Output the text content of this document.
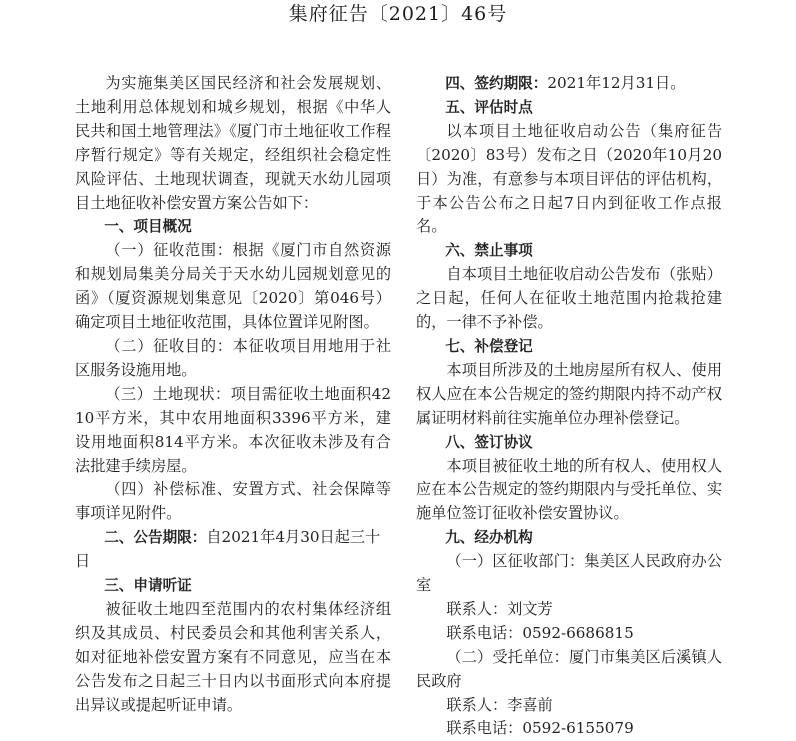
集府征告〔2021〕46号

为实施集美区国民经济和社会发展规划、土地利用总体规划和城乡规划，根据《中华人民共和国土地管理法》《厦门市土地征收工作程序暂行规定》等有关规定，经组织社会稳定性风险评估、土地现状调查，现就天水幼儿园项目土地征收补偿安置方案公告如下：

一、项目概况

（一）征收范围：根据《厦门市自然资源和规划局集美分局关于天水幼儿园规划意见的函》（厦资源规划集意见〔2020〕第046号）确定项目土地征收范围，具体位置详见附图。

（二）征收目的：本征收项目用地用于社区服务设施用地。

（三）土地现状：项目需征收土地面积4210平方米，其中农用地面积3396平方米，建设用地面积814平方米。本次征收未涉及有合法批建手续房屋。

（四）补偿标准、安置方式、社会保障等事项详见附件。

二、公告期限：自2021年4月30日起三十日

三、申请听证

被征收土地四至范围内的农村集体经济组织及其成员、村民委员会和其他利害关系人，如对征地补偿安置方案有不同意见，应当在本公告发布之日起三十日内以书面形式向本府提出异议或提起听证申请。

四、签约期限：2021年12月31日。

五、评估时点

以本项目土地征收启动公告（集府征告〔2020〕83号）发布之日（2020年10月20日）为准，有意参与本项目评估的评估机构，于本公告公布之日起7日内到征收工作点报名。

六、禁止事项

自本项目土地征收启动公告发布（张贴）之日起，任何人在征收土地范围内抢栽抢建的，一律不予补偿。

七、补偿登记

本项目所涉及的土地房屋所有权人、使用权人应在本公告规定的签约期限内持不动产权属证明材料前往实施单位办理补偿登记。

八、签订协议

本项目被征收土地的所有权人、使用权人应在本公告规定的签约期限内与受托单位、实施单位签订征收补偿安置协议。

九、经办机构

（一）区征收部门：集美区人民政府办公室

联系人：刘文芳

联系电话：0592-6686815

（二）受托单位：厦门市集美区后溪镇人民政府

联系人：李喜前

联系电话：0592-6155079
